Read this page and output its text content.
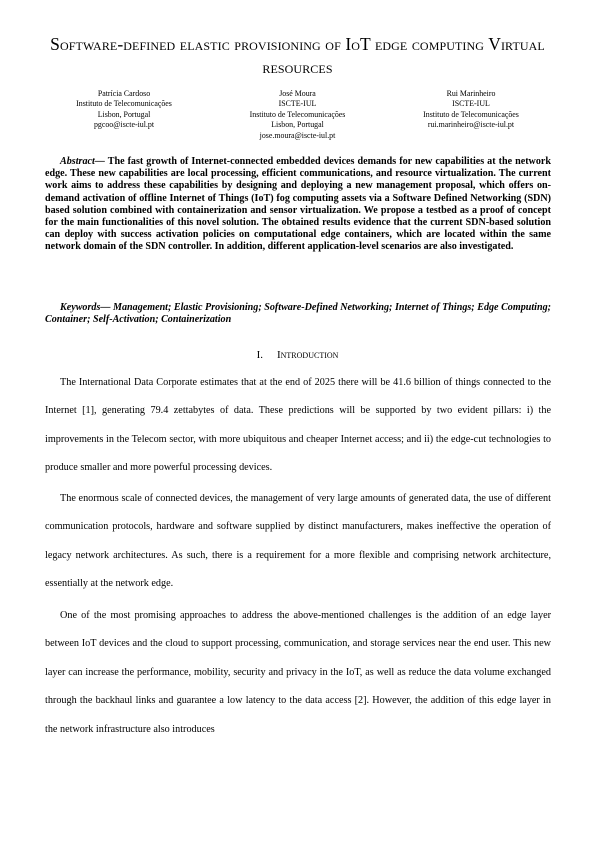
Software-defined elastic provisioning of IoT edge computing Virtual resources
Patrícia Cardoso
Instituto de Telecomunicações
Lisbon, Portugal
pgcoo@iscte-iul.pt
José Moura
ISCTE-IUL
Instituto de Telecomunicações
Lisbon, Portugal
jose.moura@iscte-iul.pt
Rui Marinheiro
ISCTE-IUL
Instituto de Telecomunicações
rui.marinheiro@iscte-iul.pt
Abstract— The fast growth of Internet-connected embedded devices demands for new capabilities at the network edge. These new capabilities are local processing, efficient communications, and resource virtualization. The current work aims to address these capabilities by designing and deploying a new management proposal, which offers on-demand activation of offline Internet of Things (IoT) fog computing assets via a Software Defined Networking (SDN) based solution combined with containerization and sensor virtualization. We propose a testbed as a proof of concept for the main functionalities of this novel solution. The obtained results evidence that the current SDN-based solution can deploy with success activation policies on computational edge containers, which are located within the same network domain of the SDN controller. In addition, different application-level scenarios are also investigated.
Keywords— Management; Elastic Provisioning; Software-Defined Networking; Internet of Things; Edge Computing; Container; Self-Activation; Containerization
I. Introduction
The International Data Corporate estimates that at the end of 2025 there will be 41.6 billion of things connected to the Internet [1], generating 79.4 zettabytes of data. These predictions will be supported by two evident pillars: i) the improvements in the Telecom sector, with more ubiquitous and cheaper Internet access; and ii) the edge-cut technologies to produce smaller and more powerful processing devices.
The enormous scale of connected devices, the management of very large amounts of generated data, the use of different communication protocols, hardware and software supplied by distinct manufacturers, makes ineffective the operation of legacy network architectures. As such, there is a requirement for a more flexible and comprising network architecture, essentially at the network edge.
One of the most promising approaches to address the above-mentioned challenges is the addition of an edge layer between IoT devices and the cloud to support processing, communication, and storage services near the end user. This new layer can increase the performance, mobility, security and privacy in the IoT, as well as reduce the data volume exchanged through the backhaul links and guarantee a low latency to the data access [2]. However, the addition of this edge layer in the network infrastructure also introduces
